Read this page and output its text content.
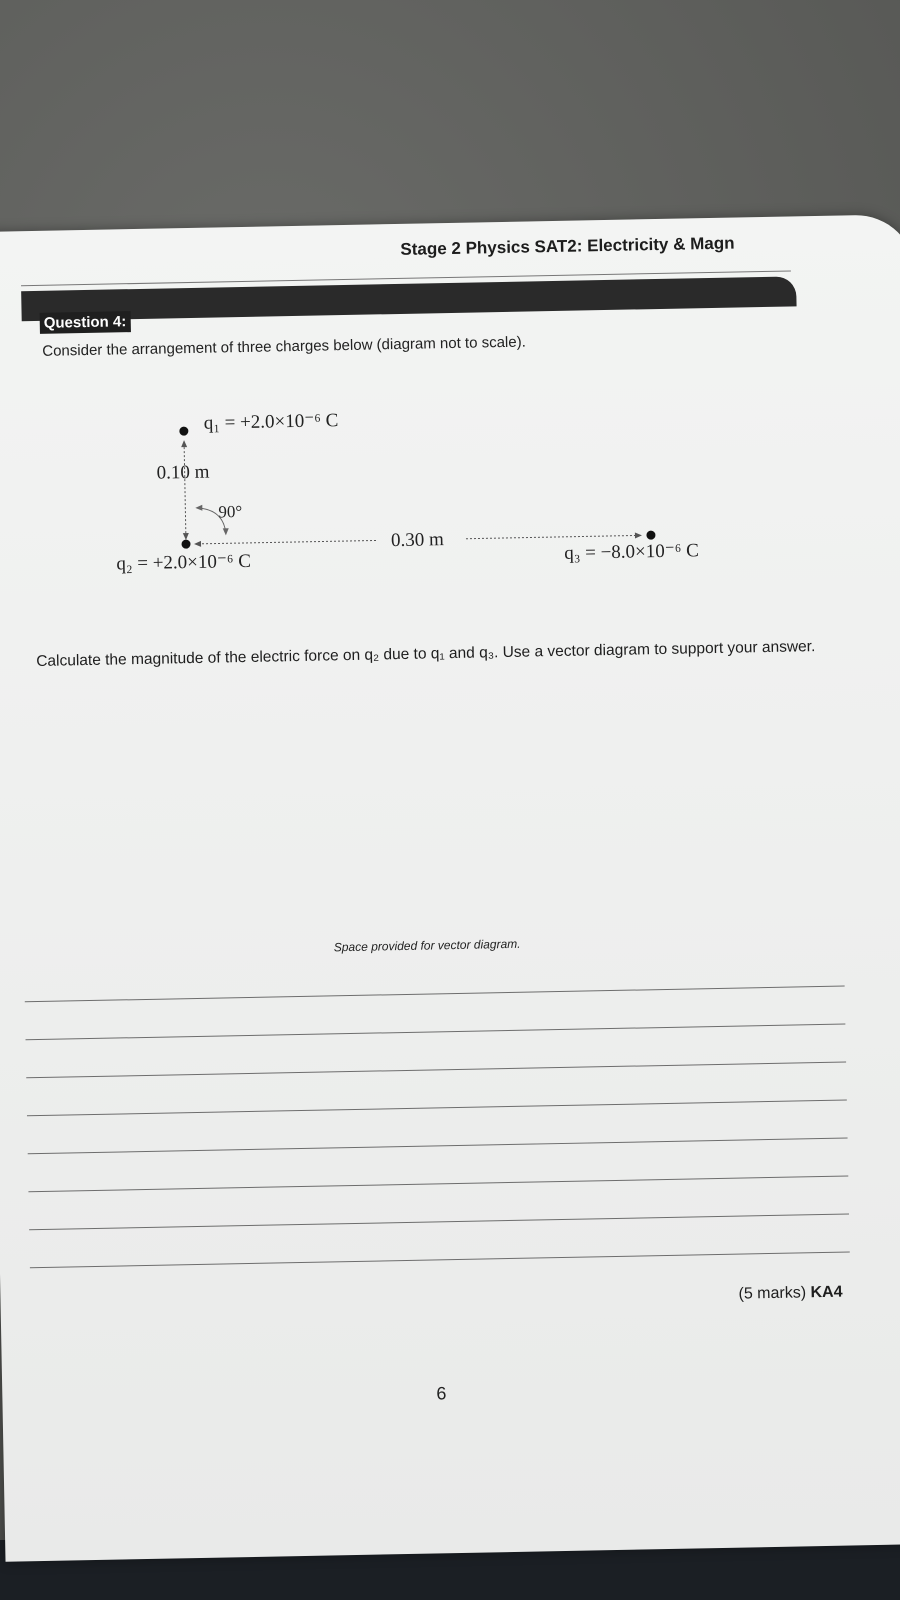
Stage 2 Physics SAT2: Electricity & Magn
Question 4:
Consider the arrangement of three charges below (diagram not to scale).
q₁ = +2.0×10⁻⁶ C
0.10 m
90°
q₂ = +2.0×10⁻⁶ C
0.30 m
q₃ = −8.0×10⁻⁶ C
Calculate the magnitude of the electric force on q₂ due to q₁ and q₃. Use a vector diagram to support your answer.
Space provided for vector diagram.
(5 marks) KA4
6
